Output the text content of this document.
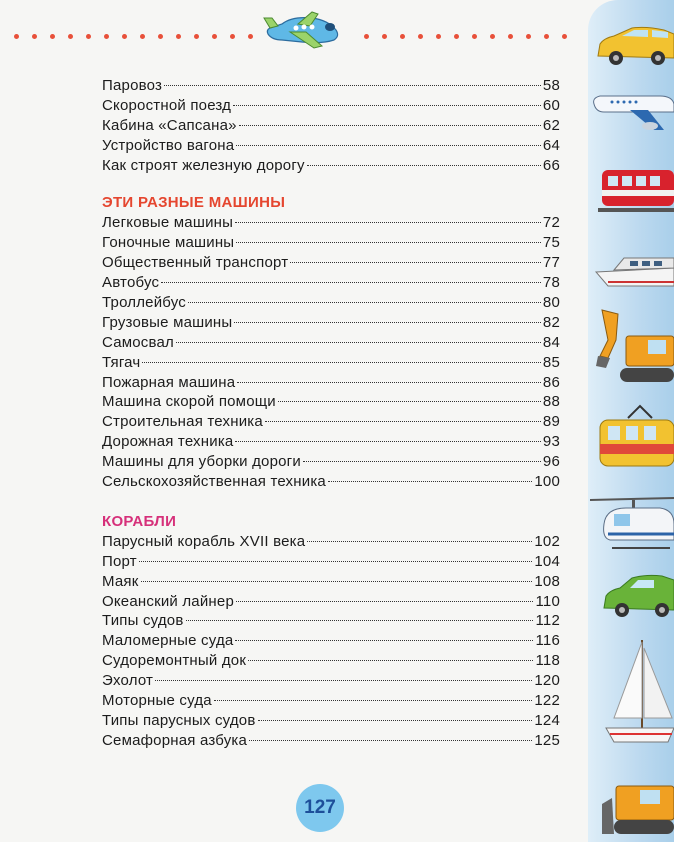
Паровоз	58
Скоростной поезд	60
Кабина «Сапсана»	62
Устройство вагона	64
Как строят железную дорогу	66
ЭТИ РАЗНЫЕ МАШИНЫ
Легковые машины	72
Гоночные машины	75
Общественный транспорт	77
Автобус	78
Троллейбус	80
Грузовые машины	82
Самосвал	84
Тягач	85
Пожарная машина	86
Машина скорой помощи	88
Строительная техника	89
Дорожная техника	93
Машины для уборки дороги	96
Сельскохозяйственная техника	100
КОРАБЛИ
Парусный корабль XVII века	102
Порт	104
Маяк	108
Океанский лайнер	110
Типы судов	112
Маломерные суда	116
Судоремонтный док	118
Эхолот	120
Моторные суда	122
Типы парусных судов	124
Семафорная азбука	125
127
